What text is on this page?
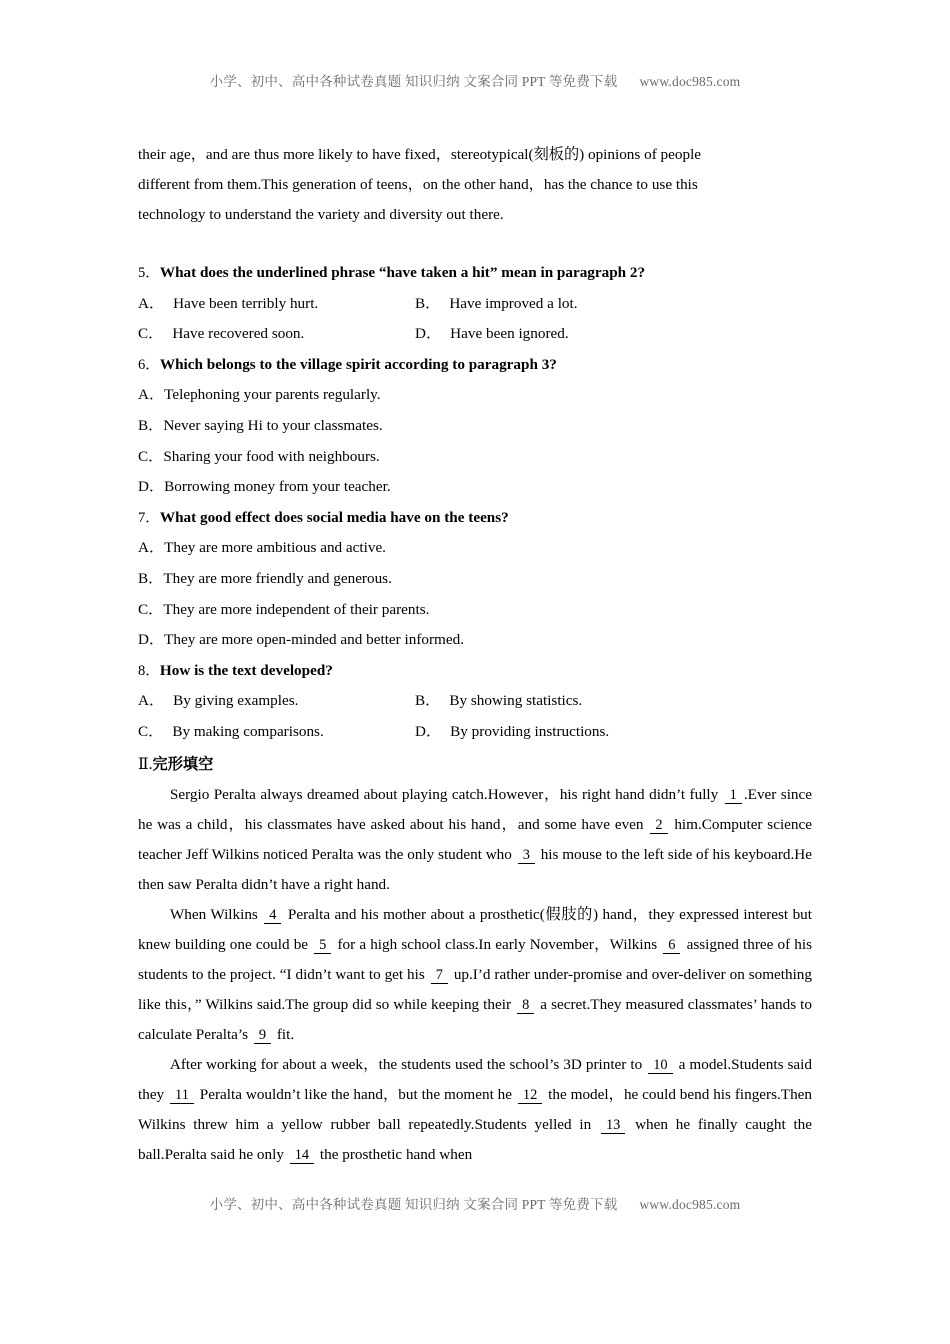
小学、初中、高中各种试卷真题 知识归纳 文案合同 PPT 等免费下载 www.doc985.com

their age，and are thus more likely to have fixed，stereotypical(刻板的) opinions of people

different from them.This generation of teens，on the other hand，has the chance to use this

technology to understand the variety and diversity out there.

5．What does the underlined phrase “have taken a hit” mean in paragraph 2?
A． Have been terribly hurt.	B． Have improved a lot.
C． Have recovered soon.	D． Have been ignored.
6．Which belongs to the village spirit according to paragraph 3?
A．Telephoning your parents regularly.
B．Never saying Hi to your classmates.
C．Sharing your food with neighbours.
D．Borrowing money from your teacher.
7．What good effect does social media have on the teens?
A．They are more ambitious and active.
B．They are more friendly and generous.
C．They are more independent of their parents.
D．They are more open-minded and better informed.
8．How is the text developed?
A． By giving examples.	B． By showing statistics.
C． By making comparisons.	D． By providing instructions.
Ⅱ.完形填空

Sergio Peralta always dreamed about playing catch.However，his right hand didn’t fully 1 .Ever since he was a child，his classmates have asked about his hand，and some have even 2 him.Computer science teacher Jeff Wilkins noticed Peralta was the only student who 3 his mouse to the left side of his keyboard.He then saw Peralta didn’t have a right hand.

When Wilkins 4 Peralta and his mother about a prosthetic(假肢的) hand，they expressed interest but knew building one could be 5 for a high school class.In early November，Wilkins 6 assigned three of his students to the project. “I didn’t want to get his 7 up.I’d rather under-promise and over-deliver on something like this，” Wilkins said.The group did so while keeping their 8 a secret.They measured classmates’ hands to calculate Peralta’s 9 fit.

After working for about a week，the students used the school’s 3D printer to 10 a model.Students said they 11 Peralta wouldn’t like the hand，but the moment he 12 the model，he could bend his fingers.Then Wilkins threw him a yellow rubber ball repeatedly.Students yelled in 13 when he finally caught the ball.Peralta said he only 14 the prosthetic hand when

小学、初中、高中各种试卷真题 知识归纳 文案合同 PPT 等免费下载 www.doc985.com
